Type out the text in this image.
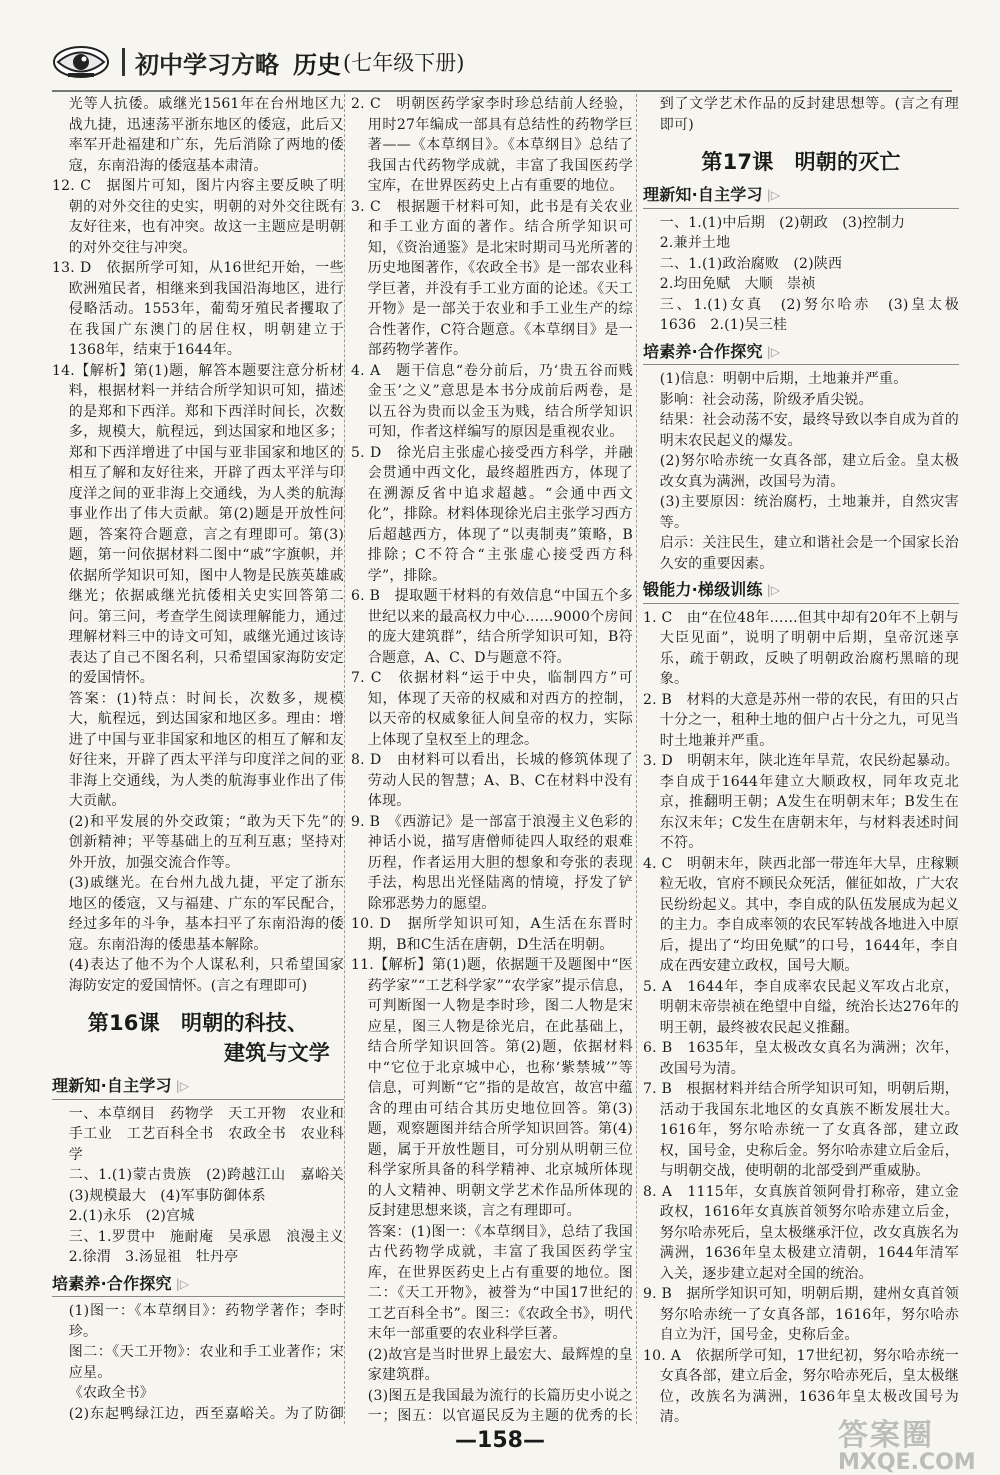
初中学习方略 历史 (七年级下册)

光等人抗倭。戚继光1561年在台州地区九战九捷，迅速荡平浙东地区的倭寇，此后又率军开赴福建和广东，先后消除了两地的倭寇，东南沿海的倭寇基本肃清。

12. C　据图片可知，图片内容主要反映了明朝的对外交往的史实，明朝的对外交往既有友好往来，也有冲突。故这一主题应是明朝的对外交往与冲突。

13. D　依据所学可知，从16世纪开始，一些欧洲殖民者，相继来到我国沿海地区，进行侵略活动。1553年，葡萄牙殖民者攫取了在我国广东澳门的居住权，明朝建立于1368年，结束于1644年。

14.【解析】第(1)题，解答本题要注意分析材料，根据材料一并结合所学知识可知，描述的是郑和下西洋。郑和下西洋时间长，次数多，规模大，航程远，到达国家和地区多；郑和下西洋增进了中国与亚非国家和地区的相互了解和友好往来，开辟了西太平洋与印度洋之间的亚非海上交通线，为人类的航海事业作出了伟大贡献。第(2)题是开放性问题，答案符合题意，言之有理即可。第(3)题，第一问依据材料二图中“戚”字旗帜，并依据所学知识可知，图中人物是民族英雄戚继光；依据戚继光抗倭相关史实回答第二问。第三问，考查学生阅读理解能力，通过理解材料三中的诗文可知，戚继光通过该诗表达了自己不图名利，只希望国家海防安定的爱国情怀。

答案：(1)特点：时间长，次数多，规模大，航程远，到达国家和地区多。理由：增进了中国与亚非国家和地区的相互了解和友好往来，开辟了西太平洋与印度洋之间的亚非海上交通线，为人类的航海事业作出了伟大贡献。

(2)和平发展的外交政策；“敢为天下先”的创新精神；平等基础上的互利互惠；坚持对外开放，加强交流合作等。

(3)戚继光。在台州九战九捷，平定了浙东地区的倭寇，又与福建、广东的军民配合，经过多年的斗争，基本扫平了东南沿海的倭寇。东南沿海的倭患基本解除。

(4)表达了他不为个人谋私利，只希望国家海防安定的爱国情怀。(言之有理即可)

第16课　明朝的科技、
建筑与文学
理新知·自主学习 |▷

一、本草纲目　药物学　天工开物　农业和手工业　工艺百科全书　农政全书　农业科学

二、1.(1)蒙古贵族　(2)跨越江山　嘉峪关　(3)规模最大　(4)军事防御体系

2.(1)永乐　(2)宫城

三、1.罗贯中　施耐庵　吴承恩　浪漫主义　2.徐渭　3.汤显祖　牡丹亭

培素养·合作探究 |▷

(1)图一：《本草纲目》：药物学著作；李时珍。

图二：《天工开物》：农业和手工业著作；宋应星。

《农政全书》

(2)东起鸭绿江边，西至嘉峪关。为了防御

2. C　明朝医药学家李时珍总结前人经验，用时27年编成一部具有总结性的药物学巨著——《本草纲目》。《本草纲目》总结了我国古代药物学成就，丰富了我国医药学宝库，在世界医药史上占有重要的地位。

3. C　根据题干材料可知，此书是有关农业和手工业方面的著作。结合所学知识可知，《资治通鉴》是北宋时期司马光所著的历史地图著作，《农政全书》是一部农业科学巨著，并没有手工业方面的论述。《天工开物》是一部关于农业和手工业生产的综合性著作，C符合题意。《本草纲目》是一部药物学著作。

4. A　题干信息“卷分前后，乃‘贵五谷而贱金玉’之义”意思是本书分成前后两卷，是以五谷为贵而以金玉为贱，结合所学知识可知，作者这样编写的原因是重视农业。

5. D　徐光启主张虚心接受西方科学，并融会贯通中西文化，最终超胜西方，体现了在溯源反省中追求超越。“会通中西文化”，排除。材料体现徐光启主张学习西方后超越西方，体现了“以夷制夷”策略，B排除；C不符合“主张虚心接受西方科学”，排除。

6. B　提取题干材料的有效信息“中国五个多世纪以来的最高权力中心……9000个房间的庞大建筑群”，结合所学知识可知，B符合题意，A、C、D与题意不符。

7. C　依据材料“运于中央，临制四方”可知，体现了天帝的权威和对西方的控制，以天帝的权威象征人间皇帝的权力，实际上体现了皇权至上的理念。

8. D　由材料可以看出，长城的修筑体现了劳动人民的智慧；A、B、C在材料中没有体现。

9. B　《西游记》是一部富于浪漫主义色彩的神话小说，描写唐僧师徒四人取经的艰难历程，作者运用大胆的想象和夸张的表现手法，构思出光怪陆离的情境，抒发了铲除邪恶势力的愿望。

10. D　据所学知识可知，A生活在东晋时期，B和C生活在唐朝，D生活在明朝。

11.【解析】第(1)题，依据题干及题图中“医药学家”“工艺科学家”“农学家”提示信息，可判断图一人物是李时珍，图二人物是宋应星，图三人物是徐光启，在此基础上，结合所学知识回答。第(2)题，依据材料中“它位于北京城中心，也称‘紫禁城’”等信息，可判断“它”指的是故宫，故宫中蕴含的理由可结合其历史地位回答。第(3)题，观察题图并结合所学知识回答。第(4)题，属于开放性题目，可分别从明朝三位科学家所具备的科学精神、北京城所体现的人文精神、明朝文学艺术作品所体现的反封建思想来谈，言之有理即可。

答案：(1)图一：《本草纲目》，总结了我国古代药物学成就，丰富了我国医药学宝库，在世界医药史上占有重要的地位。图二：《天工开物》，被誉为“中国17世纪的工艺百科全书”。图三：《农政全书》，明代末年一部重要的农业科学巨著。

(2)故宫是当时世界上最宏大、最辉煌的皇家建筑群。

(3)图五是我国最为流行的长篇历史小说之一；图五：以官逼民反为主题的优秀的长

到了文学艺术作品的反封建思想等。(言之有理即可)

第17课　明朝的灭亡
理新知·自主学习 |▷

一、1.(1)中后期　(2)朝政　(3)控制力

2.兼并土地

二、1.(1)政治腐败　(2)陕西

2.均田免赋　大顺　崇祯

三、1.(1)女真　(2)努尔哈赤　(3)皇太极　1636　2.(1)吴三桂

培素养·合作探究 |▷

(1)信息：明朝中后期，土地兼并严重。

影响：社会动荡，阶级矛盾尖锐。

结果：社会动荡不安，最终导致以李自成为首的明末农民起义的爆发。

(2)努尔哈赤统一女真各部，建立后金。皇太极改女真为满洲，改国号为清。

(3)主要原因：统治腐朽，土地兼并，自然灾害等。

启示：关注民生，建立和谐社会是一个国家长治久安的重要因素。

锻能力·梯级训练 |▷

1. C　由“在位48年……但其中却有20年不上朝与大臣见面”，说明了明朝中后期，皇帝沉迷享乐，疏于朝政，反映了明朝政治腐朽黑暗的现象。

2. B　材料的大意是苏州一带的农民，有田的只占十分之一，租种土地的佃户占十分之九，可见当时土地兼并严重。

3. D　明朝末年，陕北连年旱荒，农民纷起暴动。李自成于1644年建立大顺政权，同年攻克北京，推翻明王朝；A发生在明朝末年；B发生在东汉末年；C发生在唐朝末年，与材料表述时间不符。

4. C　明朝末年，陕西北部一带连年大旱，庄稼颗粒无收，官府不顾民众死活，催征如故，广大农民纷纷起义。其中，李自成的队伍发展成为起义的主力。李自成率领的农民军转战各地进入中原后，提出了“均田免赋”的口号，1644年，李自成在西安建立政权，国号大顺。

5. A　1644年，李自成率农民起义军攻占北京，明朝末帝崇祯在绝望中自缢，统治长达276年的明王朝，最终被农民起义推翻。

6. B　1635年，皇太极改女真名为满洲；次年，改国号为清。

7. B　根据材料并结合所学知识可知，明朝后期，活动于我国东北地区的女真族不断发展壮大。1616年，努尔哈赤统一了女真各部，建立政权，国号金，史称后金。努尔哈赤建立后金后，与明朝交战，使明朝的北部受到严重威胁。

8. A　1115年，女真族首领阿骨打称帝，建立金政权，1616年女真族首领努尔哈赤建立后金，努尔哈赤死后，皇太极继承汗位，改女真族名为满洲，1636年皇太极建立清朝，1644年清军入关，逐步建立起对全国的统治。

9. B　据所学知识可知，明朝后期，建州女真首领努尔哈赤统一了女真各部，1616年，努尔哈赤自立为汗，国号金，史称后金。

10. A　依据所学可知，17世纪初，努尔哈赤统一女真各部，建立后金，努尔哈赤死后，皇太极继位，改族名为满洲，1636年皇太极改国号为清。

—158—	答案圈
MXQE.COM
